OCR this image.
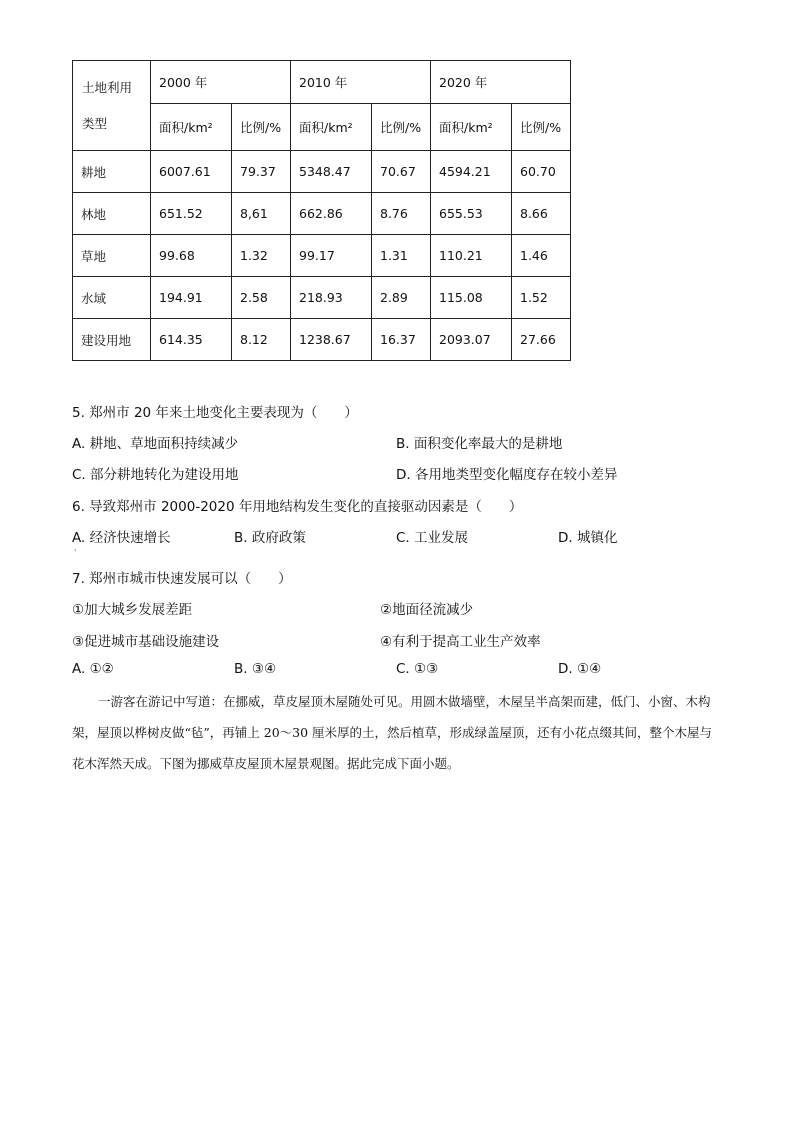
土地利用
类型	2000 年		2010 年		2020 年	
	面积/km²	比例/%	面积/km²	比例/%	面积/km²	比例/%
耕地	6007.61	79.37	5348.47	70.67	4594.21	60.70
林地	651.52	8,61	662.86	8.76	655.53	8.66
草地	99.68	1.32	99.17	1.31	110.21	1.46
水域	194.91	2.58	218.93	2.89	115.08	1.52
建设用地	614.35	8.12	1238.67	16.37	2093.07	27.66
5. 郑州市 20 年来土地变化主要表现为（　　）
A. 耕地、草地面积持续减少	B. 面积变化率最大的是耕地
C. 部分耕地转化为建设用地	D. 各用地类型变化幅度存在较小差异
6. 导致郑州市 2000-2020 年用地结构发生变化的直接驱动因素是（　　）
A. 经济快速增长	B. 政府政策	C. 工业发展	D. 城镇化
·
7. 郑州市城市快速发展可以（　　）
①加大城乡发展差距	②地面径流减少
③促进城市基础设施建设	④有利于提高工业生产效率
A. ①②	B. ③④	C. ①③	D. ①④
一游客在游记中写道：在挪威，草皮屋顶木屋随处可见。用圆木做墙壁，木屋呈半高架而建，低门、小窗、木构架，屋顶以桦树皮做“毡”，再铺上 20～30 厘米厚的土，然后植草，形成绿盖屋顶，还有小花点缀其间，整个木屋与花木浑然天成。下图为挪威草皮屋顶木屋景观图。据此完成下面小题。
